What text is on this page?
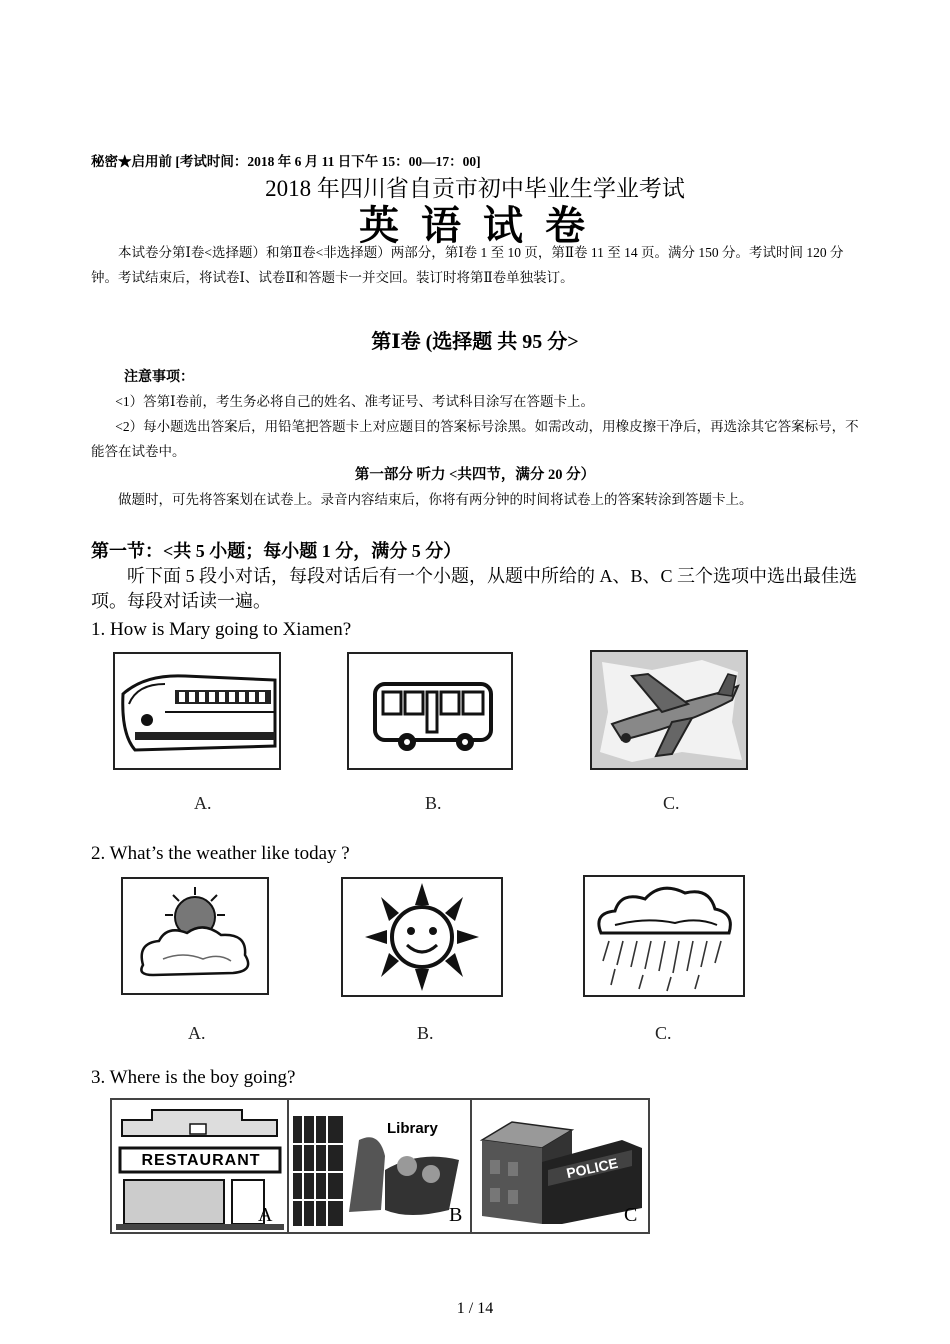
秘密★启用前 [考试时间：2018 年 6 月 11 日下午 15：00—17：00]
2018 年四川省自贡市初中毕业生学业考试
英 语 试 卷

本试卷分第Ⅰ卷<选择题）和第Ⅱ卷<非选择题）两部分，第Ⅰ卷 1 至 10 页，第Ⅱ卷 11 至 14 页。满分 150 分。考试时间 120 分钟。考试结束后，将试卷Ⅰ、试卷Ⅱ和答题卡一并交回。装订时将第Ⅱ卷单独装订。

第Ⅰ卷 (选择题 共 95 分>
注意事项：

<1）答第Ⅰ卷前，考生务必将自己的姓名、准考证号、考试科目涂写在答题卡上。

<2）每小题选出答案后，用铅笔把答题卡上对应题目的答案标号涂黑。如需改动，用橡皮擦干净后，再选涂其它答案标号，不能答在试卷中。

第一部分 听力 <共四节，满分 20 分）

做题时，可先将答案划在试卷上。录音内容结束后，你将有两分钟的时间将试卷上的答案转涂到答题卡上。

第一节：<共 5 小题；每小题 1 分，满分 5 分）

听下面 5 段小对话，每段对话后有一个小题，从题中所给的 A、B、C 三个选项中选出最佳选项。每段对话读一遍。

1. How is Mary going to Xiamen?
A.	B.	C.
2. What’s the weather like today ?
A.	B.	C.
3. Where is the boy going?
RESTAURANT
A
Library
B
POLICE
C
1 / 14
